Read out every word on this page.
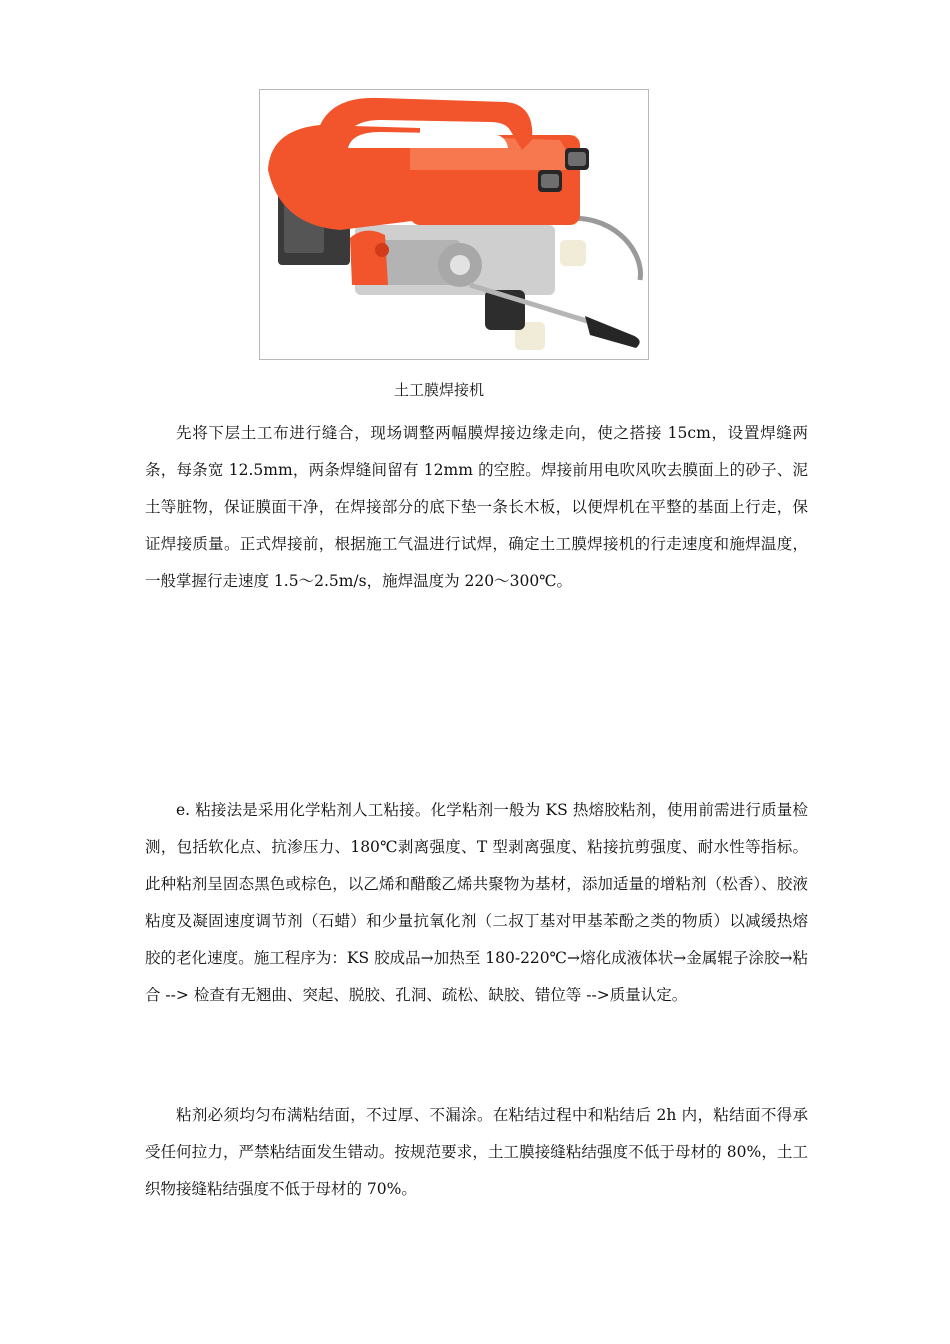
土工膜焊接机

先将下层土工布进行缝合，现场调整两幅膜焊接边缘走向，使之搭接 15cm，设置焊缝两条，每条宽 12.5mm，两条焊缝间留有 12mm 的空腔。焊接前用电吹风吹去膜面上的砂子、泥土等脏物，保证膜面干净，在焊接部分的底下垫一条长木板，以便焊机在平整的基面上行走，保证焊接质量。正式焊接前，根据施工气温进行试焊，确定土工膜焊接机的行走速度和施焊温度，一般掌握行走速度 1.5～2.5m/s，施焊温度为 220～300℃。

e. 粘接法是采用化学粘剂人工粘接。化学粘剂一般为 KS 热熔胶粘剂，使用前需进行质量检测，包括软化点、抗渗压力、180℃剥离强度、T 型剥离强度、粘接抗剪强度、耐水性等指标。此种粘剂呈固态黑色或棕色，以乙烯和醋酸乙烯共聚物为基材，添加适量的增粘剂（松香）、胶液粘度及凝固速度调节剂（石蜡）和少量抗氧化剂（二叔丁基对甲基苯酚之类的物质）以减缓热熔胶的老化速度。施工程序为：KS 胶成品→加热至 180-220℃→熔化成液体状→金属辊子涂胶→粘合 --> 检查有无翘曲、突起、脱胶、孔洞、疏松、缺胶、错位等 -->质量认定。

粘剂必须均匀布满粘结面，不过厚、不漏涂。在粘结过程中和粘结后 2h 内，粘结面不得承受任何拉力，严禁粘结面发生错动。按规范要求，土工膜接缝粘结强度不低于母材的 80%，土工织物接缝粘结强度不低于母材的 70%。
